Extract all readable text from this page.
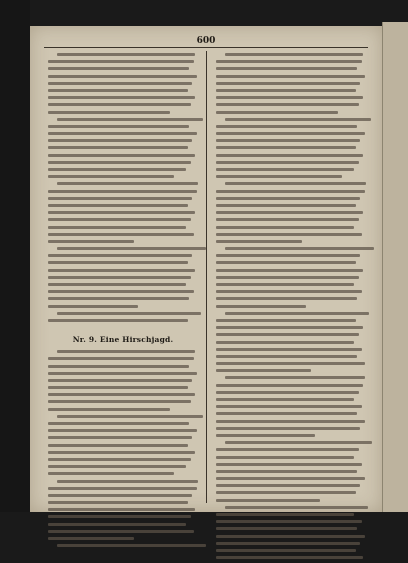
600
Nr. 9. Eine Hirschjagd.
